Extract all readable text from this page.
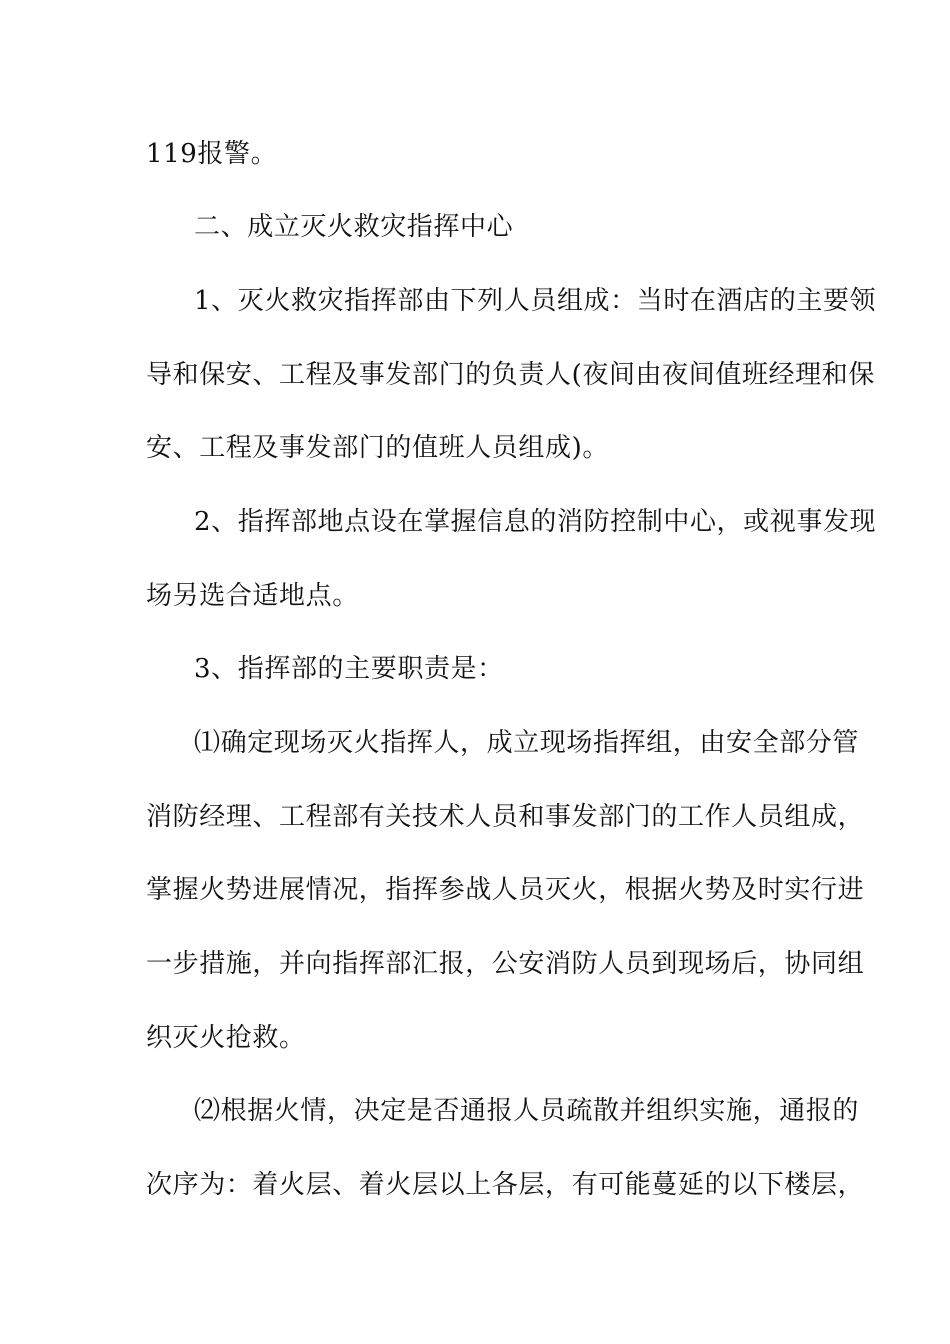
119报警。
二、成立灭火救灾指挥中心
1、灭火救灾指挥部由下列人员组成：当时在酒店的主要领
导和保安、工程及事发部门的负责人(夜间由夜间值班经理和保
安、工程及事发部门的值班人员组成)。
2、指挥部地点设在掌握信息的消防控制中心，或视事发现
场另选合适地点。
3、指挥部的主要职责是：
⑴确定现场灭火指挥人，成立现场指挥组，由安全部分管
消防经理、工程部有关技术人员和事发部门的工作人员组成，
掌握火势进展情况，指挥参战人员灭火，根据火势及时实行进
一步措施，并向指挥部汇报，公安消防人员到现场后，协同组
织灭火抢救。
⑵根据火情，决定是否通报人员疏散并组织实施，通报的
次序为：着火层、着火层以上各层，有可能蔓延的以下楼层，
